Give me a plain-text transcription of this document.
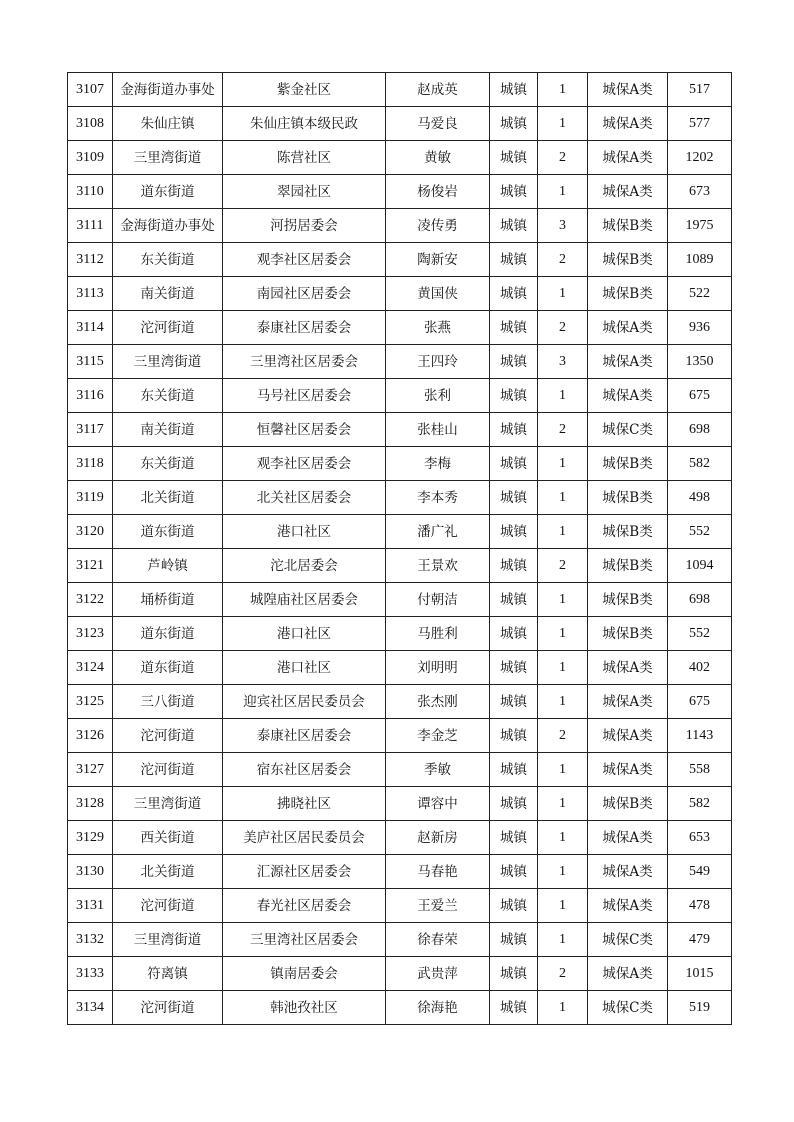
3107	金海街道办事处	紫金社区	赵成英	城镇	1	城保A类	517
3108	朱仙庄镇	朱仙庄镇本级民政	马爱良	城镇	1	城保A类	577
3109	三里湾街道	陈营社区	黄敏	城镇	2	城保A类	1202
3110	道东街道	翠园社区	杨俊岩	城镇	1	城保A类	673
3111	金海街道办事处	河拐居委会	凌传勇	城镇	3	城保B类	1975
3112	东关街道	观李社区居委会	陶新安	城镇	2	城保B类	1089
3113	南关街道	南园社区居委会	黄国侠	城镇	1	城保B类	522
3114	沱河街道	泰康社区居委会	张燕	城镇	2	城保A类	936
3115	三里湾街道	三里湾社区居委会	王四玲	城镇	3	城保A类	1350
3116	东关街道	马号社区居委会	张利	城镇	1	城保A类	675
3117	南关街道	恒馨社区居委会	张桂山	城镇	2	城保C类	698
3118	东关街道	观李社区居委会	李梅	城镇	1	城保B类	582
3119	北关街道	北关社区居委会	李本秀	城镇	1	城保B类	498
3120	道东街道	港口社区	潘广礼	城镇	1	城保B类	552
3121	芦岭镇	沱北居委会	王景欢	城镇	2	城保B类	1094
3122	埇桥街道	城隍庙社区居委会	付朝洁	城镇	1	城保B类	698
3123	道东街道	港口社区	马胜利	城镇	1	城保B类	552
3124	道东街道	港口社区	刘明明	城镇	1	城保A类	402
3125	三八街道	迎宾社区居民委员会	张杰刚	城镇	1	城保A类	675
3126	沱河街道	泰康社区居委会	李金芝	城镇	2	城保A类	1143
3127	沱河街道	宿东社区居委会	季敏	城镇	1	城保A类	558
3128	三里湾街道	拂晓社区	谭容中	城镇	1	城保B类	582
3129	西关街道	美庐社区居民委员会	赵新房	城镇	1	城保A类	653
3130	北关街道	汇源社区居委会	马春艳	城镇	1	城保A类	549
3131	沱河街道	春光社区居委会	王爱兰	城镇	1	城保A类	478
3132	三里湾街道	三里湾社区居委会	徐春荣	城镇	1	城保C类	479
3133	符离镇	镇南居委会	武贵萍	城镇	2	城保A类	1015
3134	沱河街道	韩池孜社区	徐海艳	城镇	1	城保C类	519
